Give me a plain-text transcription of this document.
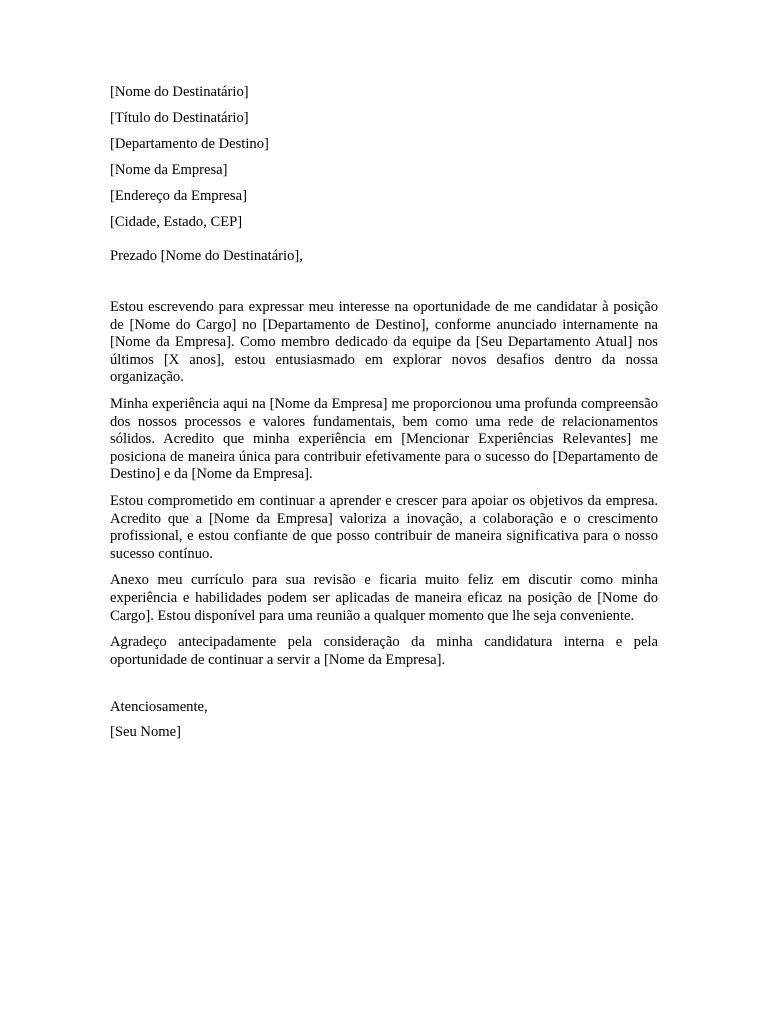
[Nome do Destinatário]

[Título do Destinatário]

[Departamento de Destino]

[Nome da Empresa]

[Endereço da Empresa]

[Cidade, Estado, CEP]

Prezado [Nome do Destinatário],

Estou escrevendo para expressar meu interesse na oportunidade de me candidatar à posição de [Nome do Cargo] no [Departamento de Destino], conforme anunciado internamente na [Nome da Empresa]. Como membro dedicado da equipe da [Seu Departamento Atual] nos últimos [X anos], estou entusiasmado em explorar novos desafios dentro da nossa organização.

Minha experiência aqui na [Nome da Empresa] me proporcionou uma profunda compreensão dos nossos processos e valores fundamentais, bem como uma rede de relacionamentos sólidos. Acredito que minha experiência em [Mencionar Experiências Relevantes] me posiciona de maneira única para contribuir efetivamente para o sucesso do [Departamento de Destino] e da [Nome da Empresa].

Estou comprometido em continuar a aprender e crescer para apoiar os objetivos da empresa. Acredito que a [Nome da Empresa] valoriza a inovação, a colaboração e o crescimento profissional, e estou confiante de que posso contribuir de maneira significativa para o nosso sucesso contínuo.

Anexo meu currículo para sua revisão e ficaria muito feliz em discutir como minha experiência e habilidades podem ser aplicadas de maneira eficaz na posição de [Nome do Cargo]. Estou disponível para uma reunião a qualquer momento que lhe seja conveniente.

Agradeço antecipadamente pela consideração da minha candidatura interna e pela oportunidade de continuar a servir a [Nome da Empresa].

Atenciosamente,

[Seu Nome]
